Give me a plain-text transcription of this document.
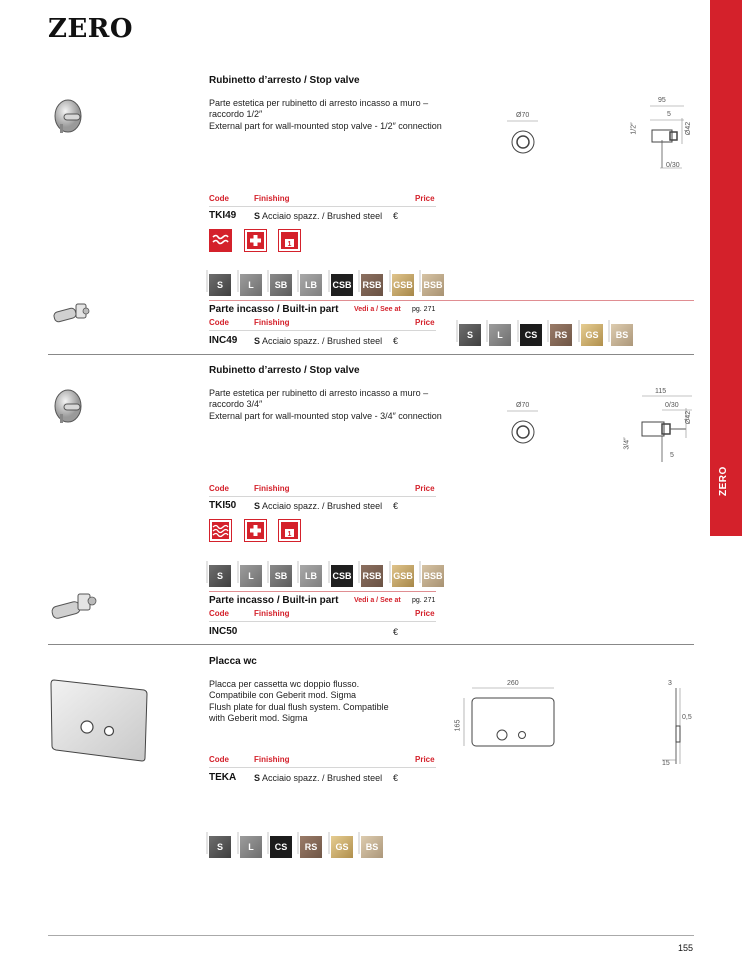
ZERO
ZERO
Rubinetto d’arresto / Stop valve
Parte estetica per rubinetto di arresto incasso a muro – raccordo 1/2″
External part for wall-mounted stop valve - 1/2″ connection
Ø70
95
5
1/2″	Ø42
0/30
Code	Finishing	Price
TKI49 S Acciaio spazz. / Brushed steel €
1
S	L	SB	LB	CSB RSB GSB BSB
Parte incasso / Built-in part Vedi a / See at pg. 271
Code	Finishing	Price
INC49 S Acciaio spazz. / Brushed steel €
S	L	CS	RS	GS	BS
Rubinetto d’arresto / Stop valve
Parte estetica per rubinetto di arresto incasso a muro – raccordo 3/4″
External part for wall-mounted stop valve - 3/4″ connection
Ø70
115
0/30
3/4″
Ø42
5
Code	Finishing	Price
TKI50 S Acciaio spazz. / Brushed steel €
1
S	L	SB	LB	CSB RSB GSB BSB
Parte incasso / Built-in part Vedi a / See at pg. 271
Code	Finishing	Price
INC50	€
Placca wc
Placca per cassetta wc doppio flusso. Compatibile con Geberit mod. Sigma
Flush plate for dual flush system. Compatible with Geberit mod. Sigma
260
165
3
0,5
15
Code	Finishing	Price
TEKA S Acciaio spazz. / Brushed steel €
S	L	CS	RS	GS	BS
155
